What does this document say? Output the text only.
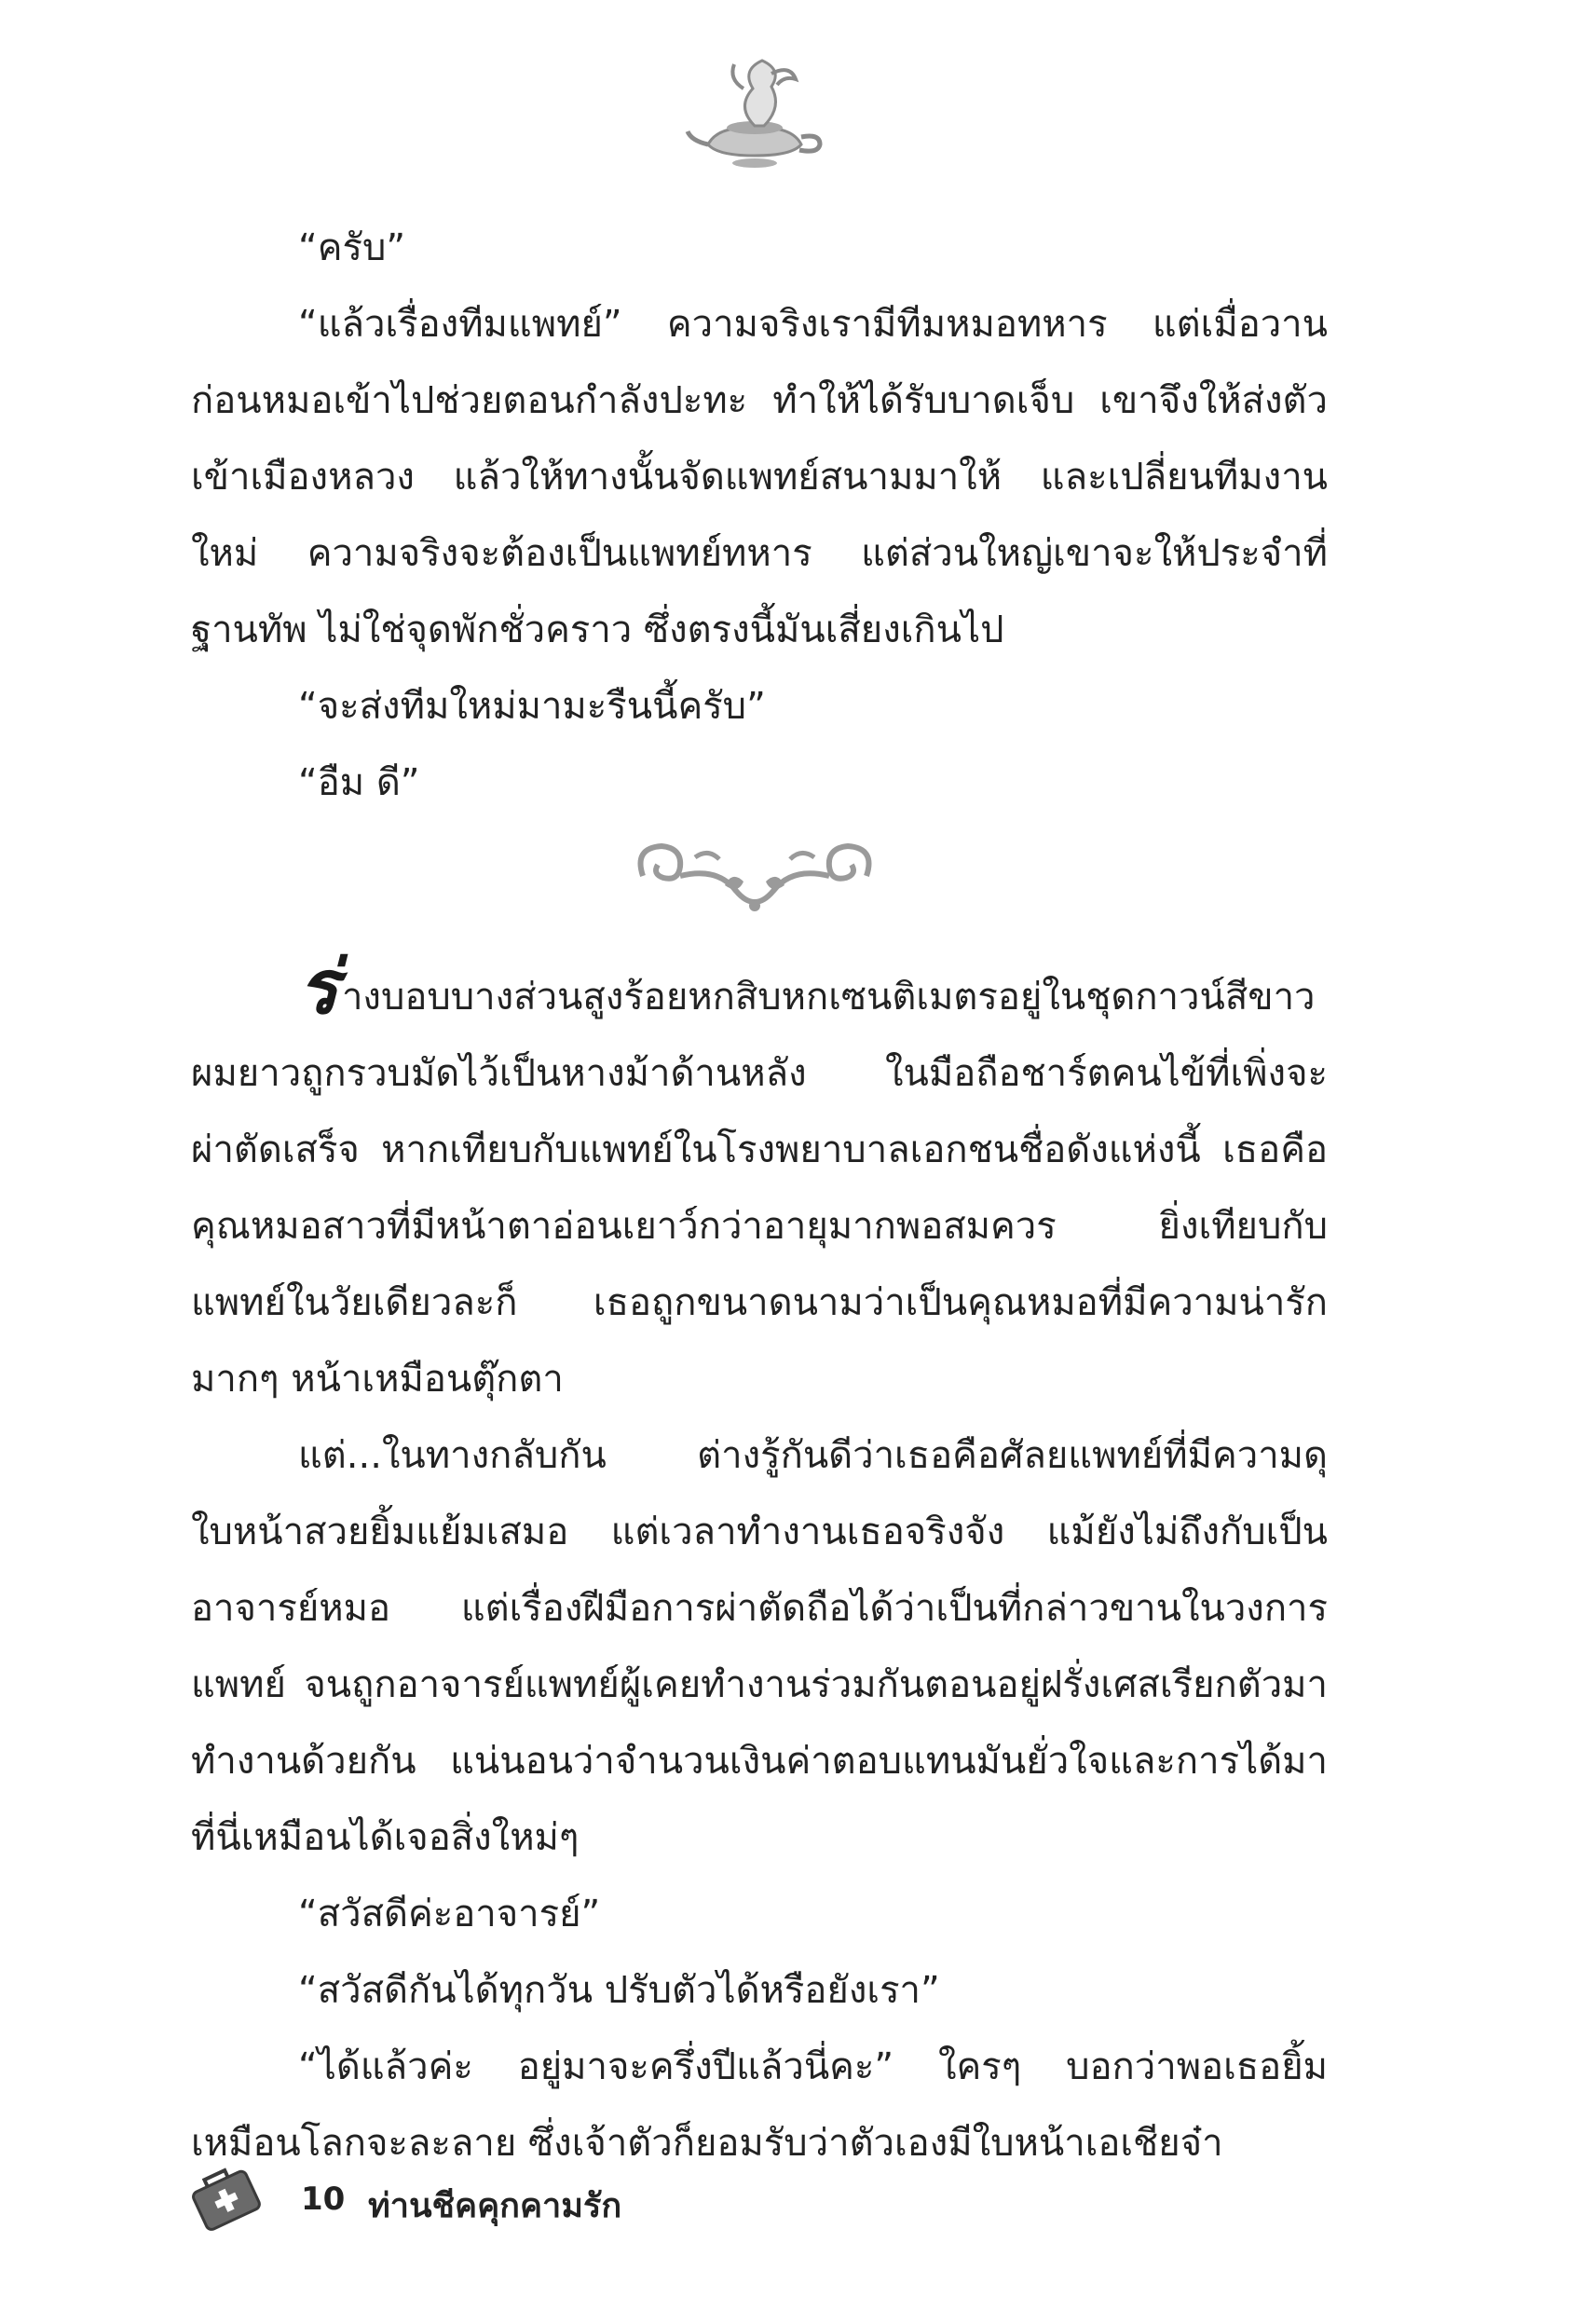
“ครับ”

“แล้วเรื่องทีมแพทย์” ความจริงเรามีทีมหมอทหาร แต่เมื่อวานก่อนหมอเข้าไปช่วยตอนกำลังปะทะ ทำให้ได้รับบาดเจ็บ เขาจึงให้ส่งตัวเข้าเมืองหลวง แล้วให้ทางนั้นจัดแพทย์สนามมาให้ และเปลี่ยนทีมงานใหม่ ความจริงจะต้องเป็นแพทย์ทหาร แต่ส่วนใหญ่เขาจะให้ประจำที่ฐานทัพ ไม่ใช่จุดพักชั่วคราว ซึ่งตรงนี้มันเสี่ยงเกินไป

“จะส่งทีมใหม่มามะรืนนี้ครับ”

“อืม ดี”

ร่างบอบบางส่วนสูงร้อยหกสิบหกเซนติเมตรอยู่ในชุดกาวน์สีขาว ผมยาวถูกรวบมัดไว้เป็นหางม้าด้านหลัง ในมือถือชาร์ตคนไข้ที่เพิ่งจะผ่าตัดเสร็จ หากเทียบกับแพทย์ในโรงพยาบาลเอกชนชื่อดังแห่งนี้ เธอคือคุณหมอสาวที่มีหน้าตาอ่อนเยาว์กว่าอายุมากพอสมควร ยิ่งเทียบกับแพทย์ในวัยเดียวละก็ เธอถูกขนาดนามว่าเป็นคุณหมอที่มีความน่ารักมากๆ หน้าเหมือนตุ๊กตา

แต่...ในทางกลับกัน ต่างรู้กันดีว่าเธอคือศัลยแพทย์ที่มีความดุใบหน้าสวยยิ้มแย้มเสมอ แต่เวลาทำงานเธอจริงจัง แม้ยังไม่ถึงกับเป็นอาจารย์หมอ แต่เรื่องฝีมือการผ่าตัดถือได้ว่าเป็นที่กล่าวขานในวงการแพทย์ จนถูกอาจารย์แพทย์ผู้เคยทำงานร่วมกันตอนอยู่ฝรั่งเศสเรียกตัวมาทำงานด้วยกัน แน่นอนว่าจำนวนเงินค่าตอบแทนมันยั่วใจและการได้มาที่นี่เหมือนได้เจอสิ่งใหม่ๆ

“สวัสดีค่ะอาจารย์”

“สวัสดีกันได้ทุกวัน ปรับตัวได้หรือยังเรา”

“ได้แล้วค่ะ อยู่มาจะครึ่งปีแล้วนี่คะ” ใครๆ บอกว่าพอเธอยิ้มเหมือนโลกจะละลาย ซึ่งเจ้าตัวก็ยอมรับว่าตัวเองมีใบหน้าเอเชียจ๋า

10 ท่านชีคคุกคามรัก
